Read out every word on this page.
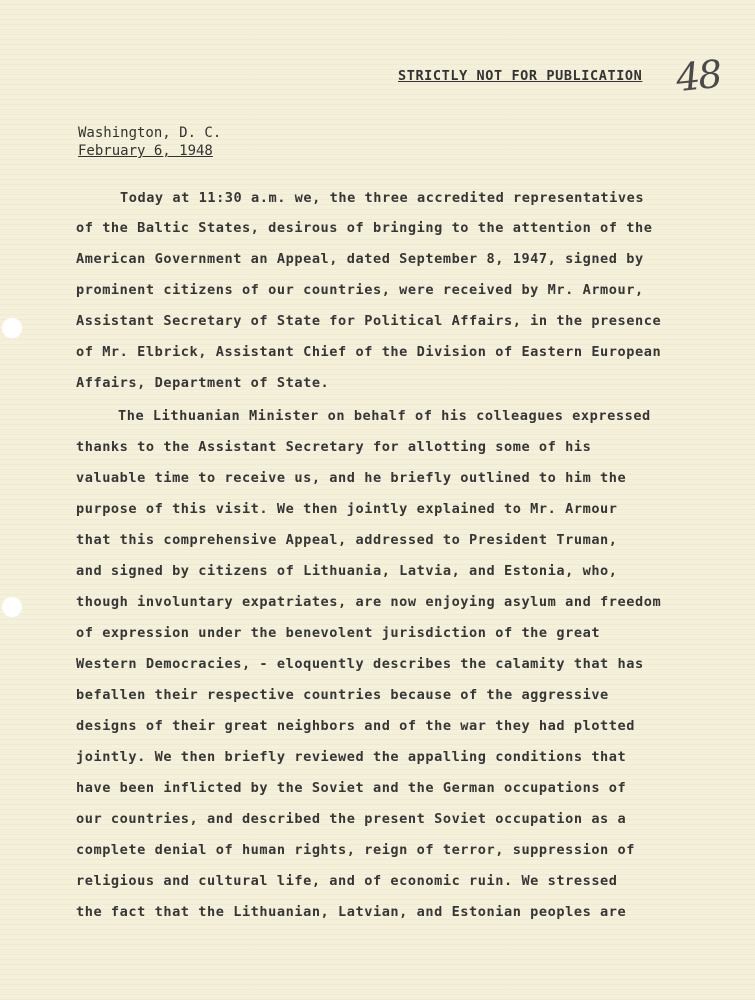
STRICTLY NOT FOR PUBLICATION 48
Washington, D. C.
February 6, 1948
Today at 11:30 a.m. we, the three accredited representatives
of the Baltic States, desirous of bringing to the attention of the
American Government an Appeal, dated September 8, 1947, signed by
prominent citizens of our countries, were received by Mr. Armour,
Assistant Secretary of State for Political Affairs, in the presence
of Mr. Elbrick, Assistant Chief of the Division of Eastern European
Affairs, Department of State.
The Lithuanian Minister on behalf of his colleagues expressed
thanks to the Assistant Secretary for allotting some of his
valuable time to receive us, and he briefly outlined to him the
purpose of this visit. We then jointly explained to Mr. Armour
that this comprehensive Appeal, addressed to President Truman,
and signed by citizens of Lithuania, Latvia, and Estonia, who,
though involuntary expatriates, are now enjoying asylum and freedom
of expression under the benevolent jurisdiction of the great
Western Democracies, - eloquently describes the calamity that has
befallen their respective countries because of the aggressive
designs of their great neighbors and of the war they had plotted
jointly. We then briefly reviewed the appalling conditions that
have been inflicted by the Soviet and the German occupations of
our countries, and described the present Soviet occupation as a
complete denial of human rights, reign of terror, suppression of
religious and cultural life, and of economic ruin. We stressed
the fact that the Lithuanian, Latvian, and Estonian peoples are
